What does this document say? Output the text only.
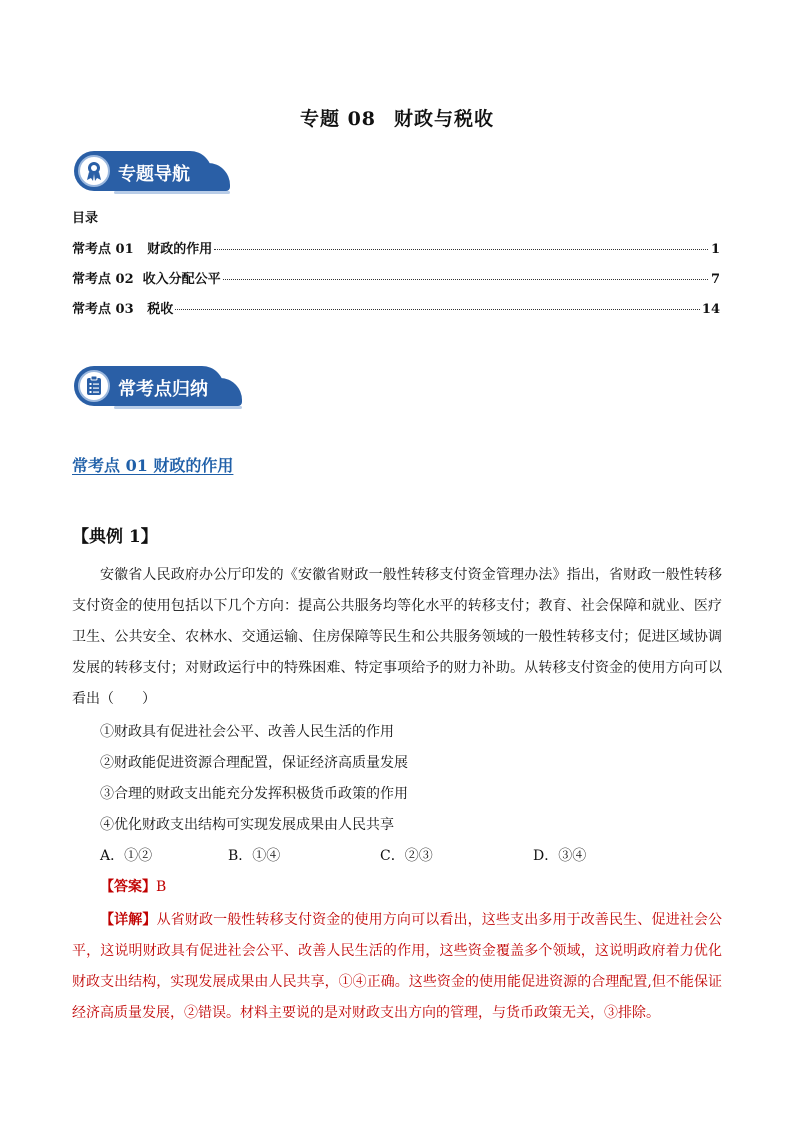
专题 08 财政与税收
专题导航
目录
常考点 01   财政的作用	1
常考点 02  收入分配公平	7
常考点 03   税收	14
常考点归纳
常考点 01 财政的作用
【典例 1】
安徽省人民政府办公厅印发的《安徽省财政一般性转移支付资金管理办法》指出，省财政一般性转移支付资金的使用包括以下几个方向：提高公共服务均等化水平的转移支付；教育、社会保障和就业、医疗卫生、公共安全、农林水、交通运输、住房保障等民生和公共服务领域的一般性转移支付；促进区域协调发展的转移支付；对财政运行中的特殊困难、特定事项给予的财力补助。从转移支付资金的使用方向可以看出（　　）
①财政具有促进社会公平、改善人民生活的作用
②财政能促进资源合理配置，保证经济高质量发展
③合理的财政支出能充分发挥积极货币政策的作用
④优化财政支出结构可实现发展成果由人民共享
A．①②	B．①④	C．②③	D．③④
【答案】B
【详解】从省财政一般性转移支付资金的使用方向可以看出，这些支出多用于改善民生、促进社会公平，这说明财政具有促进社会公平、改善人民生活的作用，这些资金覆盖多个领域，这说明政府着力优化财政支出结构，实现发展成果由人民共享，①④正确。这些资金的使用能促进资源的合理配置,但不能保证经济高质量发展，②错误。材料主要说的是对财政支出方向的管理，与货币政策无关，③排除。
